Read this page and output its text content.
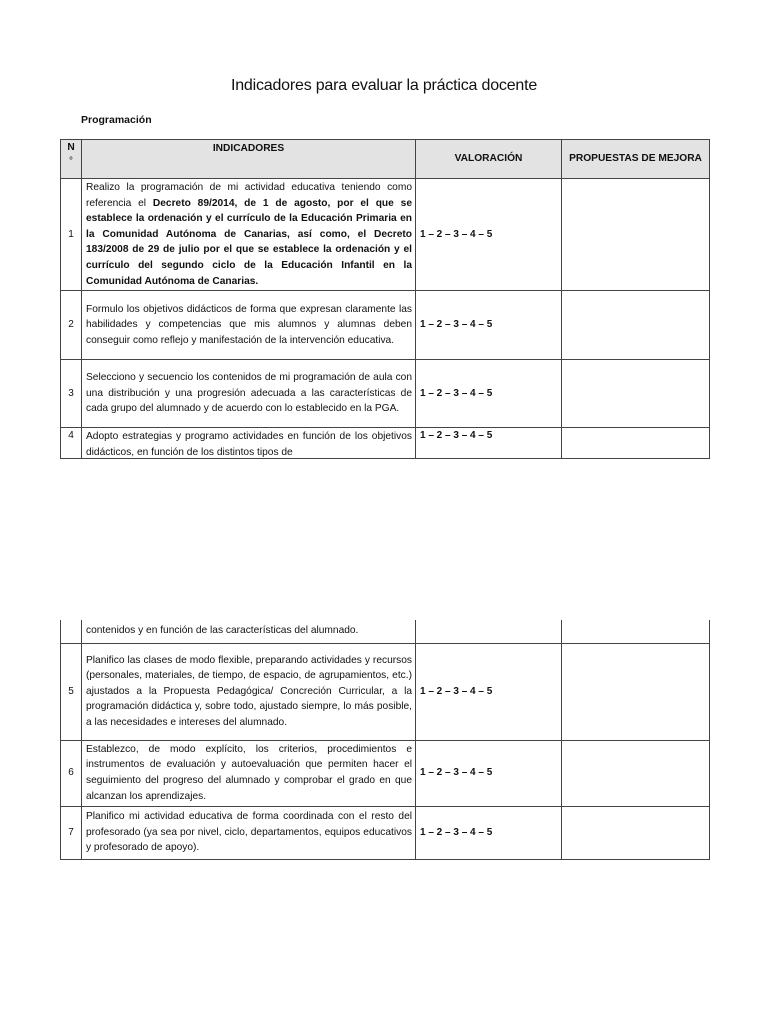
Indicadores para evaluar la práctica docente
Programación
N
º	INDICADORES	VALORACIÓN	PROPUESTAS DE MEJORA
1	Realizo la programación de mi actividad educativa teniendo como referencia el Decreto 89/2014, de 1 de agosto, por el que se establece la ordenación y el currículo de la Educación Primaria en la Comunidad Autónoma de Canarias, así como, el Decreto 183/2008 de 29 de julio por el que se establece la ordenación y el currículo del segundo ciclo de la Educación Infantil en la Comunidad Autónoma de Canarias.	1 – 2 – 3 – 4 – 5	
2	Formulo los objetivos didácticos de forma que expresan claramente las habilidades y competencias que mis alumnos y alumnas deben conseguir como reflejo y manifestación de la intervención educativa.	1 – 2 – 3 – 4 – 5	
3	Selecciono y secuencio los contenidos de mi programación de aula con una distribución y una progresión adecuada a las características de cada grupo del alumnado y de acuerdo con lo establecido en la PGA.	1 – 2 – 3 – 4 – 5	
4	Adopto estrategias y programo actividades en función de los objetivos didácticos, en función de los distintos tipos de	1 – 2 – 3 – 4 – 5	
	contenidos y en función de las características del alumnado.		
5	Planifico las clases de modo flexible, preparando actividades y recursos (personales, materiales, de tiempo, de espacio, de agrupamientos, etc.) ajustados a la Propuesta Pedagógica/ Concreción Curricular, a la programación didáctica y, sobre todo, ajustado siempre, lo más posible, a las necesidades e intereses del alumnado.	1 – 2 – 3 – 4 – 5	
6	Establezco, de modo explícito, los criterios, procedimientos e instrumentos de evaluación y autoevaluación que permiten hacer el seguimiento del progreso del alumnado y comprobar el grado en que alcanzan los aprendizajes.	1 – 2 – 3 – 4 – 5	
7	Planifico mi actividad educativa de forma coordinada con el resto del profesorado (ya sea por nivel, ciclo, departamentos, equipos educativos y profesorado de apoyo).	1 – 2 – 3 – 4 – 5	
